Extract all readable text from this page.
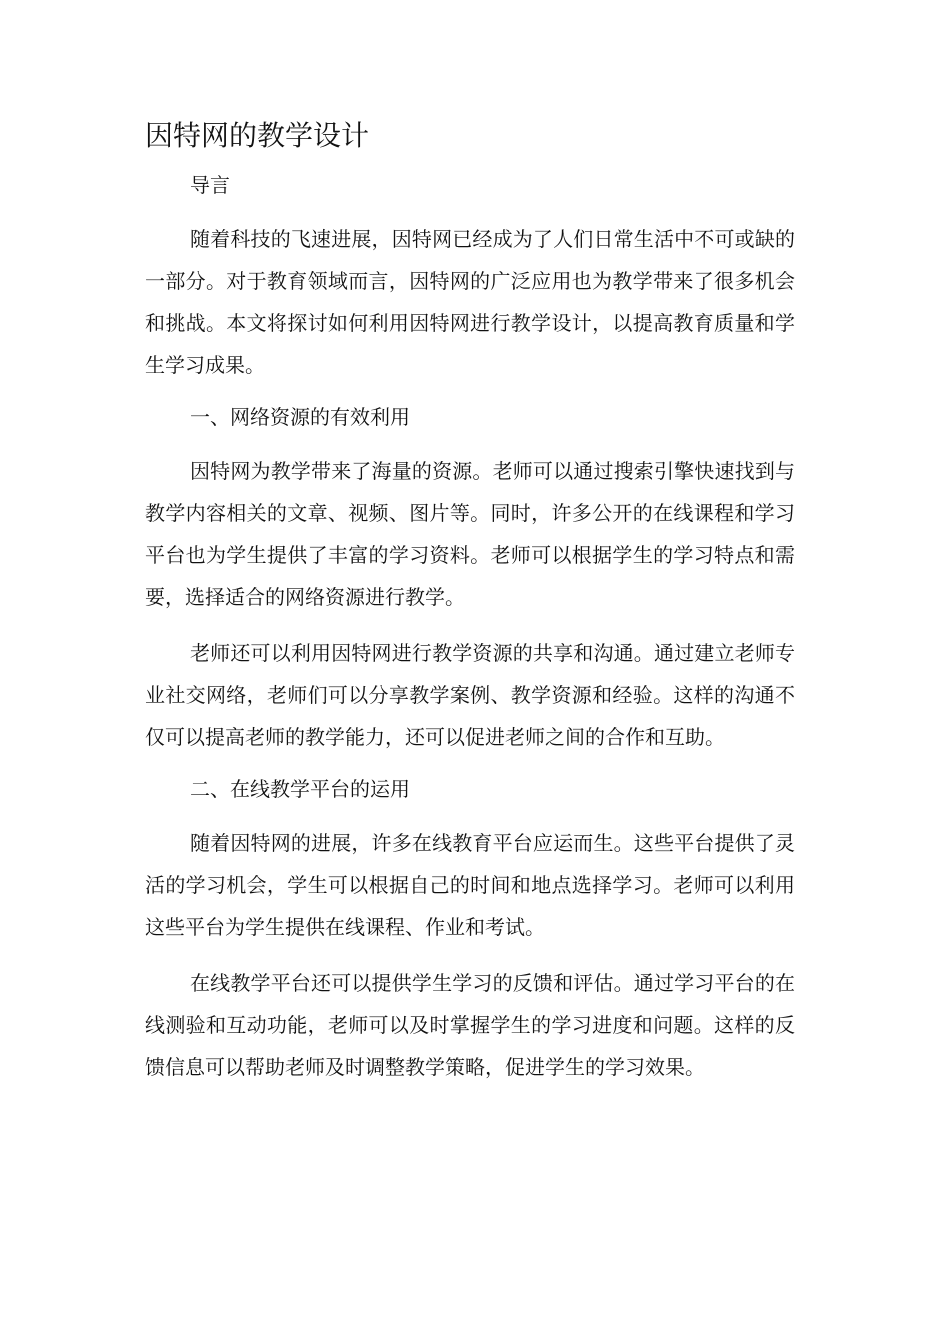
因特网的教学设计

导言

随着科技的飞速进展，因特网已经成为了人们日常生活中不可或缺的一部分。对于教育领域而言，因特网的广泛应用也为教学带来了很多机会和挑战。本文将探讨如何利用因特网进行教学设计，以提高教育质量和学生学习成果。

一、网络资源的有效利用

因特网为教学带来了海量的资源。老师可以通过搜索引擎快速找到与教学内容相关的文章、视频、图片等。同时，许多公开的在线课程和学习平台也为学生提供了丰富的学习资料。老师可以根据学生的学习特点和需要，选择适合的网络资源进行教学。

老师还可以利用因特网进行教学资源的共享和沟通。通过建立老师专业社交网络，老师们可以分享教学案例、教学资源和经验。这样的沟通不仅可以提高老师的教学能力，还可以促进老师之间的合作和互助。

二、在线教学平台的运用

随着因特网的进展，许多在线教育平台应运而生。这些平台提供了灵活的学习机会，学生可以根据自己的时间和地点选择学习。老师可以利用这些平台为学生提供在线课程、作业和考试。

在线教学平台还可以提供学生学习的反馈和评估。通过学习平台的在线测验和互动功能，老师可以及时掌握学生的学习进度和问题。这样的反馈信息可以帮助老师及时调整教学策略，促进学生的学习效果。
